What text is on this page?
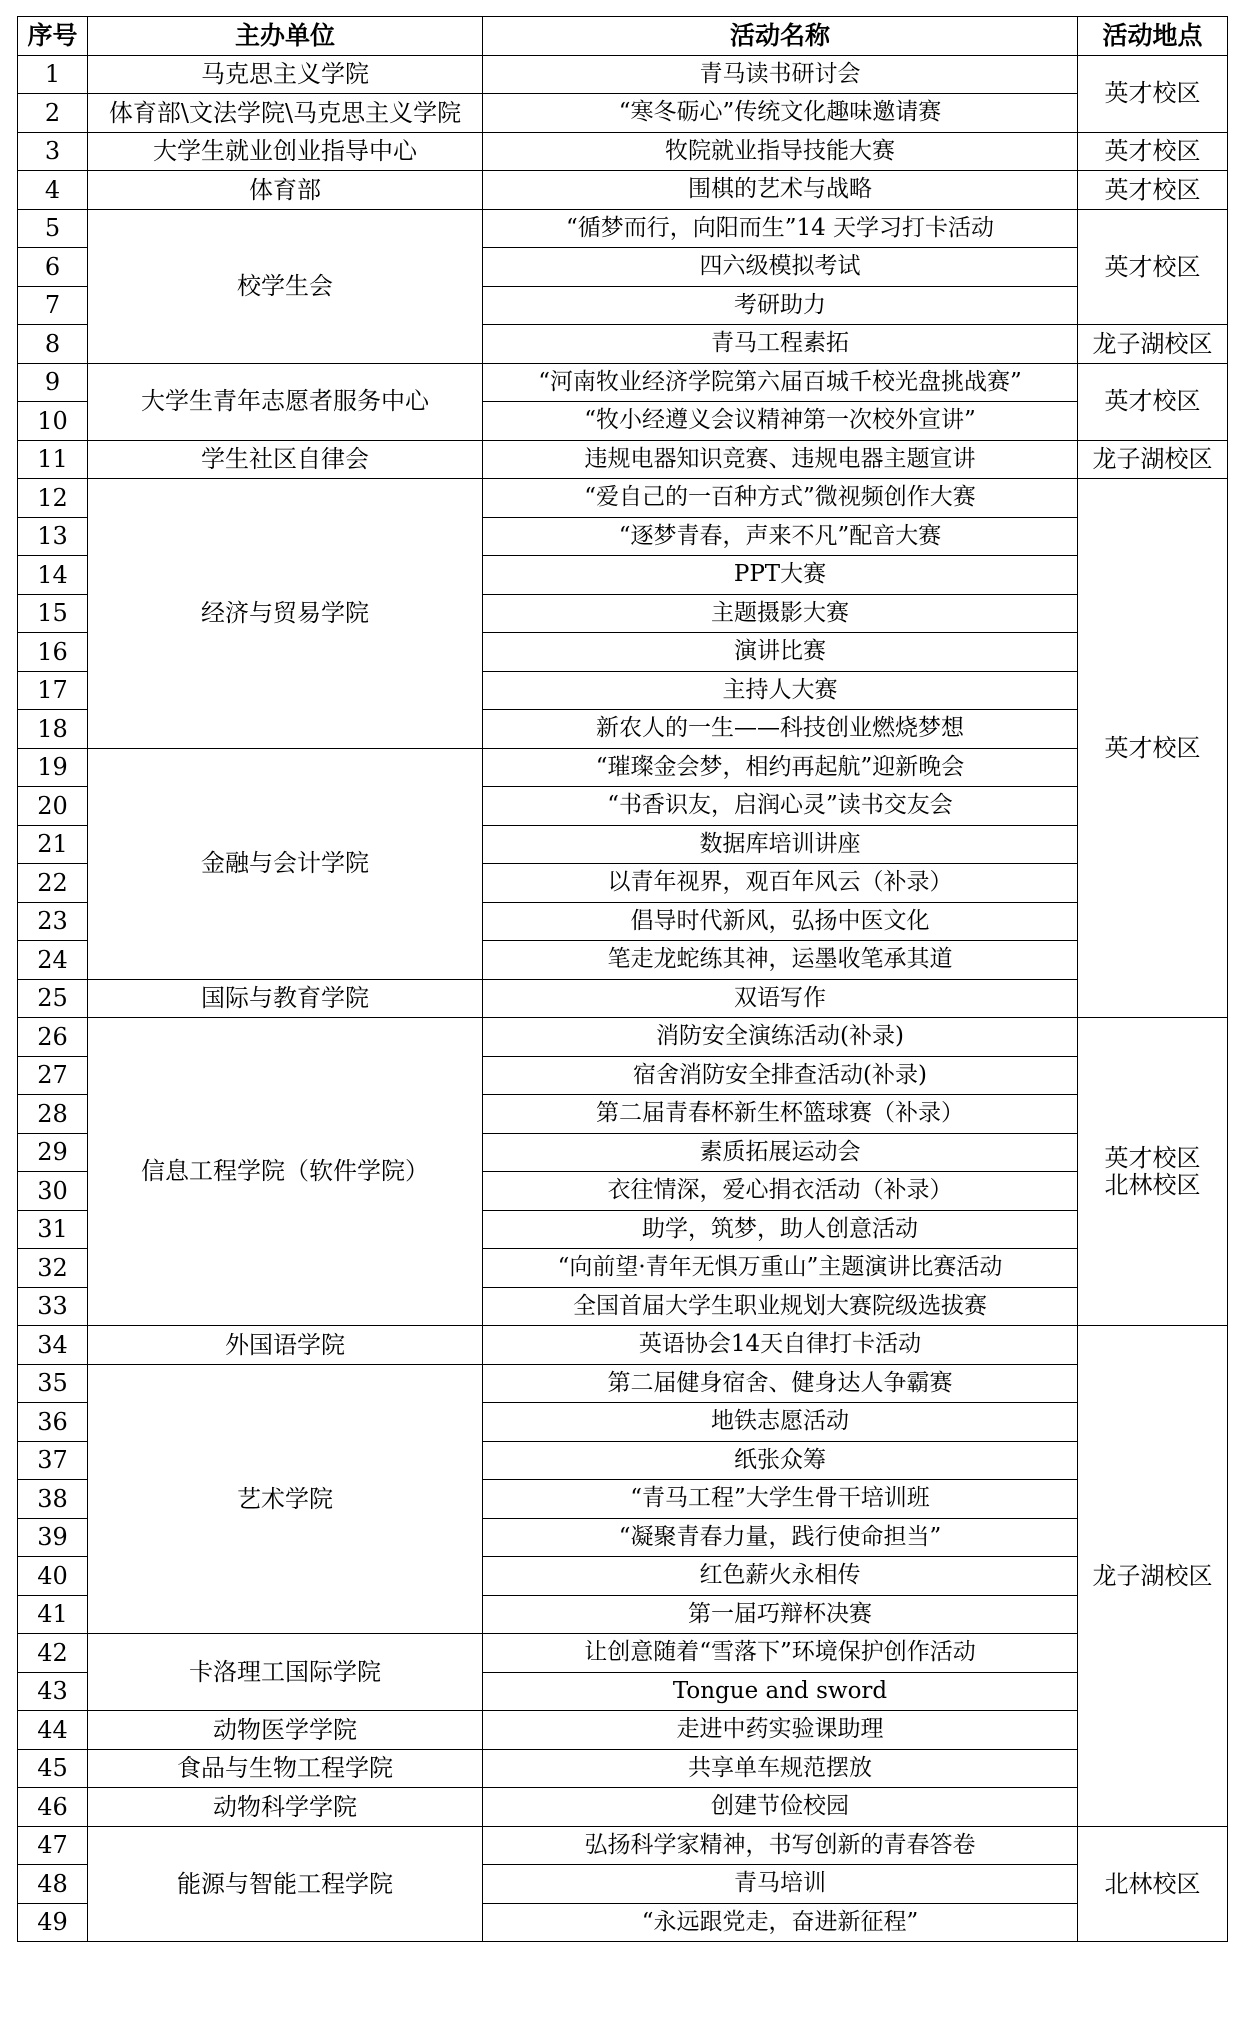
序号	主办单位	活动名称	活动地点
1	马克思主义学院	青马读书研讨会	英才校区

2	体育部\文法学院\马克思主义学院	“寒冬砺心”传统文化趣味邀请赛	
3	大学生就业创业指导中心	牧院就业指导技能大赛	英才校区

4	体育部	围棋的艺术与战略	英才校区

5	校学生会	“循梦而行，向阳而生”14 天学习打卡活动	英才校区

6		四六级模拟考试	
7		考研助力	
8		青马工程素拓	龙子湖校区

9	大学生青年志愿者服务中心	“河南牧业经济学院第六届百城千校光盘挑战赛”	英才校区

10		“牧小经遵义会议精神第一次校外宣讲”	
11	学生社区自律会	违规电器知识竞赛、违规电器主题宣讲	龙子湖校区

12	经济与贸易学院	“爱自己的一百种方式”微视频创作大赛	英才校区

13		“逐梦青春，声来不凡”配音大赛	
14		PPT大赛	
15		主题摄影大赛	
16		演讲比赛	
17		主持人大赛	
18		新农人的一生——科技创业燃烧梦想	
19	金融与会计学院	“璀璨金会梦，相约再起航”迎新晚会	
20		“书香识友，启润心灵”读书交友会	
21		数据库培训讲座	
22		以青年视界，观百年风云（补录）	
23		倡导时代新风，弘扬中医文化	
24		笔走龙蛇练其神，运墨收笔承其道	
25	国际与教育学院	双语写作	
26	信息工程学院（软件学院）	消防安全演练活动(补录)	英才校区
北林校区

27		宿舍消防安全排查活动(补录)	
28		第二届青春杯新生杯篮球赛（补录）	
29		素质拓展运动会	
30		衣往情深，爱心捐衣活动（补录）	
31		助学，筑梦，助人创意活动	
32		“向前望·青年无惧万重山”主题演讲比赛活动	
33		全国首届大学生职业规划大赛院级选拔赛	
34	外国语学院	英语协会14天自律打卡活动	龙子湖校区

35	艺术学院	第二届健身宿舍、健身达人争霸赛	
36		地铁志愿活动	
37		纸张众筹	
38		“青马工程”大学生骨干培训班	
39		“凝聚青春力量，践行使命担当”	
40		红色薪火永相传	
41		第一届巧辩杯决赛	
42	卡洛理工国际学院	让创意随着“雪落下”环境保护创作活动	
43		Tongue and sword	
44	动物医学学院	走进中药实验课助理	
45	食品与生物工程学院	共享单车规范摆放	
46	动物科学学院	创建节俭校园	
47	能源与智能工程学院	弘扬科学家精神，书写创新的青春答卷	北林校区

48		青马培训	
49		“永远跟党走，奋进新征程”	
